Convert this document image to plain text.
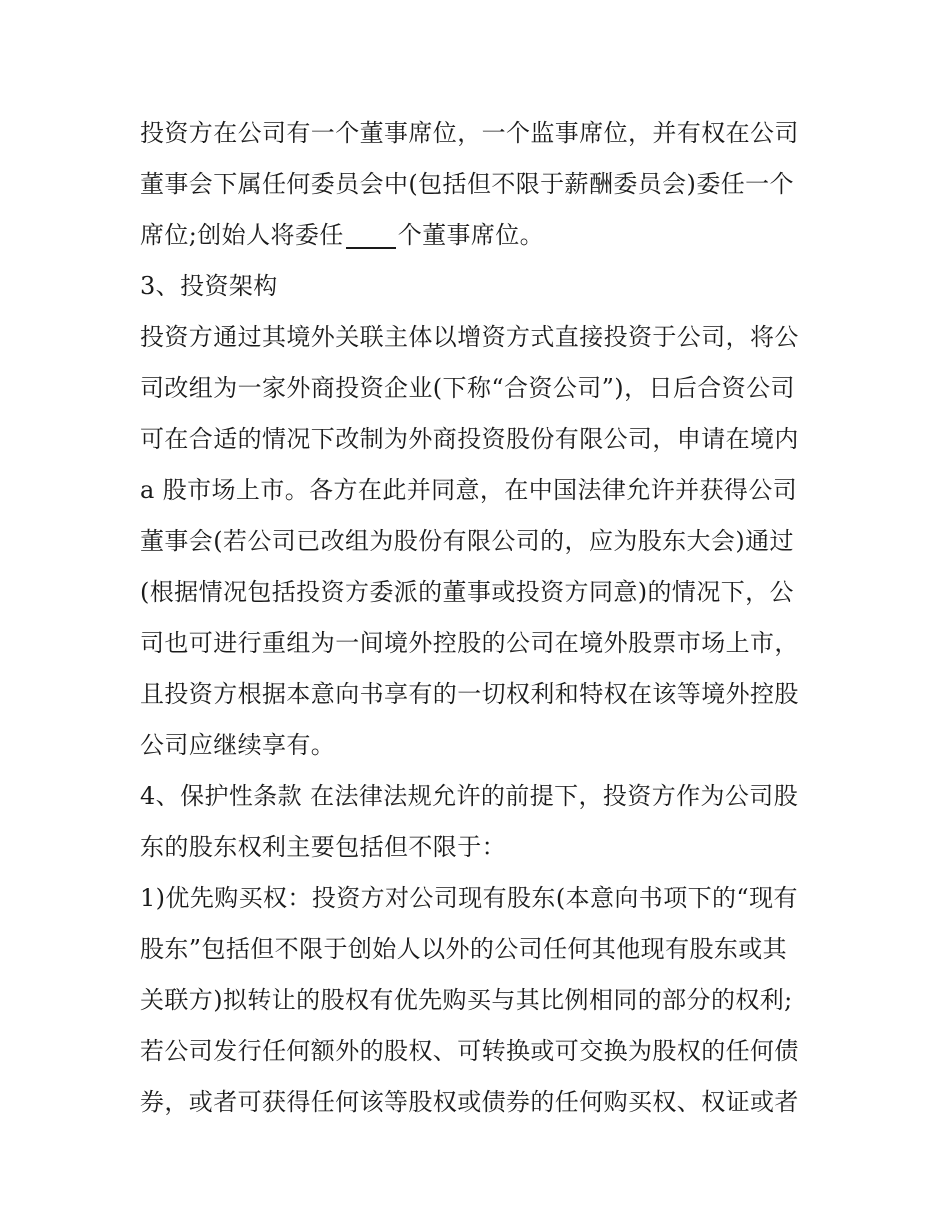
投资方在公司有一个董事席位，一个监事席位，并有权在公司
董事会下属任何委员会中(包括但不限于薪酬委员会)委任一个
席位;创始人将委任 个董事席位。
3、投资架构
投资方通过其境外关联主体以增资方式直接投资于公司，将公
司改组为一家外商投资企业(下称“合资公司”)，日后合资公司
可在合适的情况下改制为外商投资股份有限公司，申请在境内
a 股市场上市。各方在此并同意，在中国法律允许并获得公司
董事会(若公司已改组为股份有限公司的，应为股东大会)通过
(根据情况包括投资方委派的董事或投资方同意)的情况下，公
司也可进行重组为一间境外控股的公司在境外股票市场上市，
且投资方根据本意向书享有的一切权利和特权在该等境外控股
公司应继续享有。
4、保护性条款 在法律法规允许的前提下，投资方作为公司股
东的股东权利主要包括但不限于：
1)优先购买权：投资方对公司现有股东(本意向书项下的“现有
股东”包括但不限于创始人以外的公司任何其他现有股东或其
关联方)拟转让的股权有优先购买与其比例相同的部分的权利;
若公司发行任何额外的股权、可转换或可交换为股权的任何债
券，或者可获得任何该等股权或债券的任何购买权、权证或者
